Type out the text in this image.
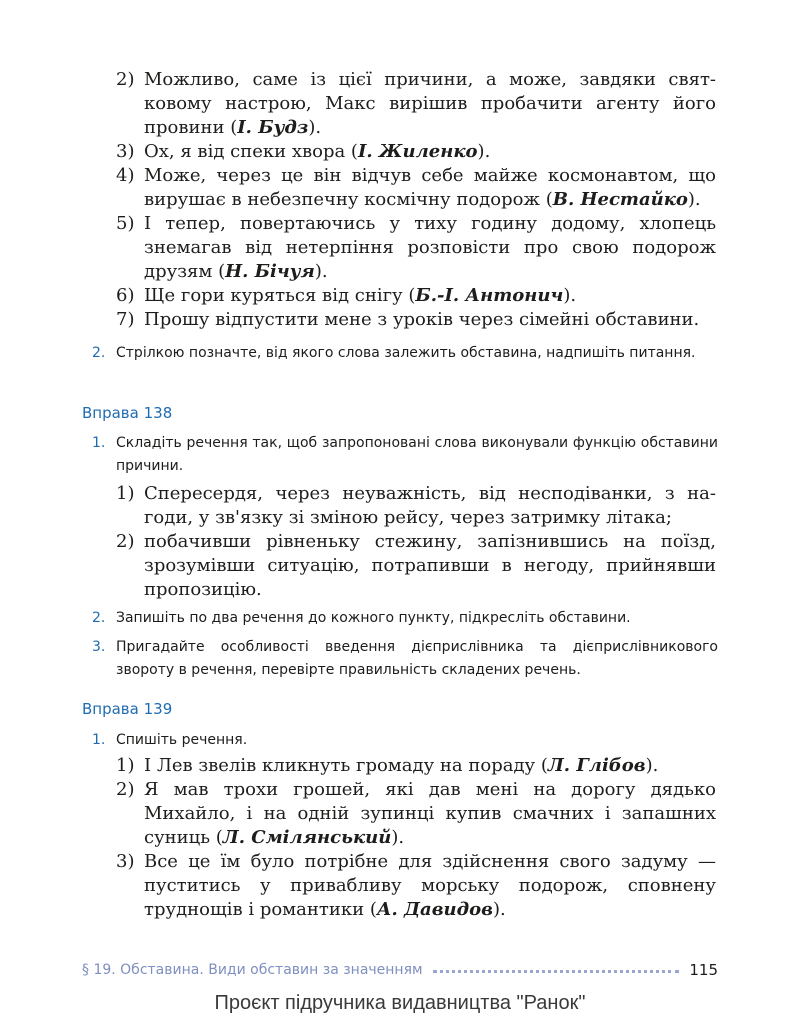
2) Можливо, саме із цієї причини, а може, завдяки святковому настрою, Макс вирішив пробачити агенту його провини (І. Будз).
3) Ох, я від спеки хвора (І. Жиленко).
4) Може, через це він відчув себе майже космонавтом, що вирушає в небезпечну космічну подорож (В. Нестайко).
5) І тепер, повертаючись у тиху годину додому, хлопець знемагав від нетерпіння розповісти про свою подорож друзям (Н. Бічуя).
6) Ще гори куряться від снігу (Б.-І. Антонич).
7) Прошу відпустити мене з уроків через сімейні обставини.
2. Стрілкою позначте, від якого слова залежить обставина, надпишіть питання.
Вправа 138
1. Складіть речення так, щоб запропоновані слова виконували функцію обставини причини.
1) Спересердя, через неуважність, від несподіванки, з нагоди, у зв'язку зі зміною рейсу, через затримку літака;
2) побачивши рівненьку стежину, запізнившись на поїзд, зрозумівши ситуацію, потрапивши в негоду, прийнявши пропозицію.
2. Запишіть по два речення до кожного пункту, підкресліть обставини.
3. Пригадайте особливості введення дієприслівника та дієприслівникового звороту в речення, перевірте правильність складених речень.
Вправа 139
1. Спишіть речення.
1) І Лев звелів кликнуть громаду на пораду (Л. Глібов).
2) Я мав трохи грошей, які дав мені на дорогу дядько Михайло, і на одній зупинці купив смачних і запашних суниць (Л. Смілянський).
3) Все це їм було потрібне для здійснення свого задуму — пуститись у привабливу морську подорож, сповнену труднощів і романтики (А. Давидов).
§ 19. Обставина. Види обставин за значенням	115
Проєкт підручника видавництва "Ранок"
